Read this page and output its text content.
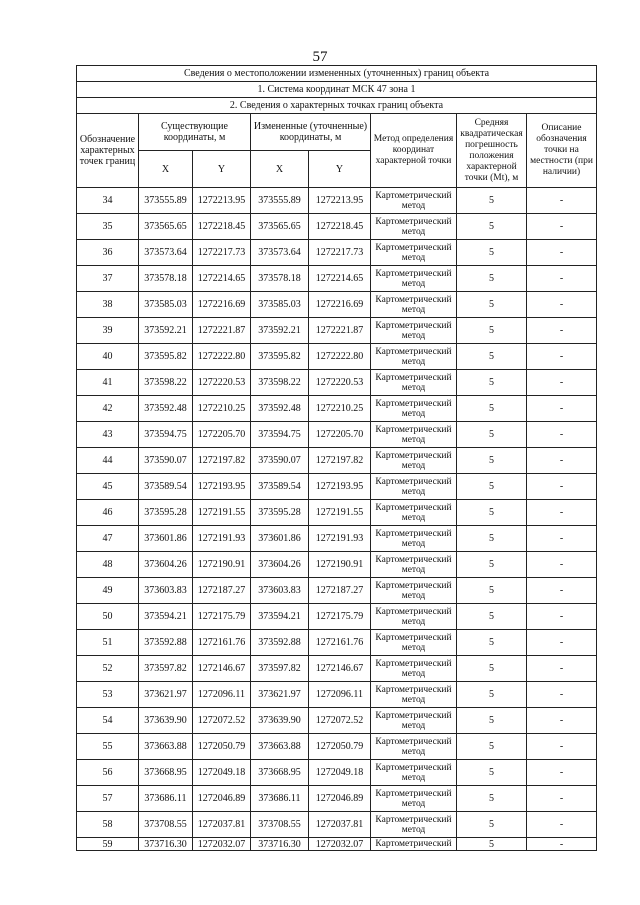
57
Сведения о местоположении измененных (уточненных) границ объекта							
1. Система координат МСК 47 зона 1							
2. Сведения о характерных точках границ объекта							
Обозначение характерных точек границ	Существующие координаты, м		Измененные (уточненные) координаты, м		Метод определения координат характерной точки	Средняя квадратическая погрешность положения характерной точки (Mt), м	Описание обозначения точки на местности (при наличии)
	X	Y	X	Y			
34	373555.89	1272213.95	373555.89	1272213.95	Картометрический метод	5	-
35	373565.65	1272218.45	373565.65	1272218.45	Картометрический метод	5	-
36	373573.64	1272217.73	373573.64	1272217.73	Картометрический метод	5	-
37	373578.18	1272214.65	373578.18	1272214.65	Картометрический метод	5	-
38	373585.03	1272216.69	373585.03	1272216.69	Картометрический метод	5	-
39	373592.21	1272221.87	373592.21	1272221.87	Картометрический метод	5	-
40	373595.82	1272222.80	373595.82	1272222.80	Картометрический метод	5	-
41	373598.22	1272220.53	373598.22	1272220.53	Картометрический метод	5	-
42	373592.48	1272210.25	373592.48	1272210.25	Картометрический метод	5	-
43	373594.75	1272205.70	373594.75	1272205.70	Картометрический метод	5	-
44	373590.07	1272197.82	373590.07	1272197.82	Картометрический метод	5	-
45	373589.54	1272193.95	373589.54	1272193.95	Картометрический метод	5	-
46	373595.28	1272191.55	373595.28	1272191.55	Картометрический метод	5	-
47	373601.86	1272191.93	373601.86	1272191.93	Картометрический метод	5	-
48	373604.26	1272190.91	373604.26	1272190.91	Картометрический метод	5	-
49	373603.83	1272187.27	373603.83	1272187.27	Картометрический метод	5	-
50	373594.21	1272175.79	373594.21	1272175.79	Картометрический метод	5	-
51	373592.88	1272161.76	373592.88	1272161.76	Картометрический метод	5	-
52	373597.82	1272146.67	373597.82	1272146.67	Картометрический метод	5	-
53	373621.97	1272096.11	373621.97	1272096.11	Картометрический метод	5	-
54	373639.90	1272072.52	373639.90	1272072.52	Картометрический метод	5	-
55	373663.88	1272050.79	373663.88	1272050.79	Картометрический метод	5	-
56	373668.95	1272049.18	373668.95	1272049.18	Картометрический метод	5	-
57	373686.11	1272046.89	373686.11	1272046.89	Картометрический метод	5	-
58	373708.55	1272037.81	373708.55	1272037.81	Картометрический метод	5	-
59	373716.30	1272032.07	373716.30	1272032.07	Картометрический	5	-
